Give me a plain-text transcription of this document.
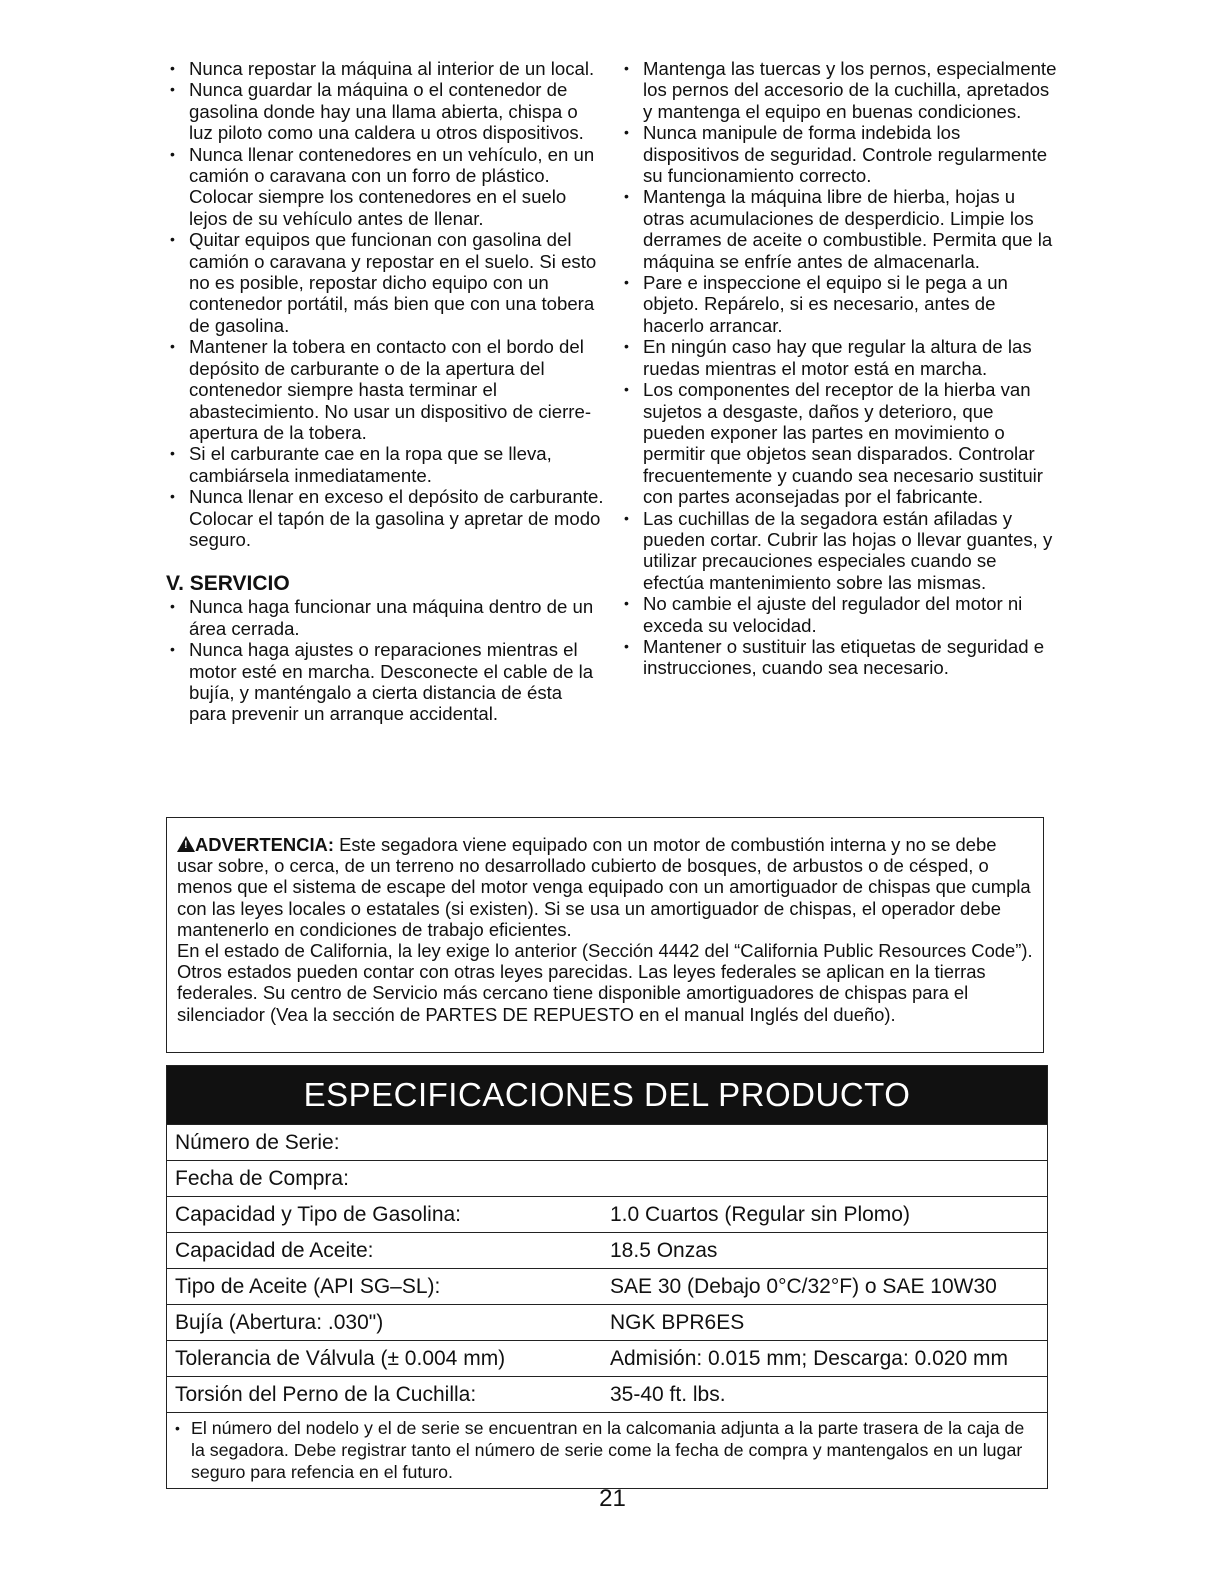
• Nunca repostar la máquina al interior de un local.
• Nunca guardar la máquina o el contenedor de gasolina donde hay una llama abierta, chispa o luz piloto como una caldera u otros dispositivos.
• Nunca llenar contenedores en un vehículo, en un camión o caravana con un forro de plástico. Colocar siempre los contenedores en el suelo lejos de su vehículo antes de llenar.
• Quitar equipos que funcionan con gasolina del camión o caravana y repostar en el suelo. Si esto no es posible, repostar dicho equipo con un contenedor portátil, más bien que con una tobera de gasolina.
• Mantener la tobera en contacto con el bordo del depósito de carburante o de la apertura del contenedor siempre hasta terminar el abastecimiento. No usar un dispositivo de cierre-apertura de la tobera.
• Si el carburante cae en la ropa que se lleva, cambiársela inmediatamente.
• Nunca llenar en exceso el depósito de carburante. Colocar el tapón de la gasolina y apretar de modo seguro.
V. SERVICIO
• Nunca haga funcionar una máquina dentro de un área cerrada.
• Nunca haga ajustes o reparaciones mientras el motor esté en marcha. Desconecte el cable de la bujía, y manténgalo a cierta distancia de ésta para prevenir un arranque accidental.
• Mantenga las tuercas y los pernos, especialmente los pernos del accesorio de la cuchilla, apretados y mantenga el equipo en buenas condiciones.
• Nunca manipule de forma indebida los dispositivos de seguridad. Controle regularmente su funcionamiento correcto.
• Mantenga la máquina libre de hierba, hojas u otras acumulaciones de desperdicio. Limpie los derrames de aceite o combustible. Permita que la máquina se enfríe antes de almacenarla.
• Pare e inspeccione el equipo si le pega a un objeto. Repárelo, si es necesario, antes de hacerlo arrancar.
• En ningún caso hay que regular la altura de las ruedas mientras el motor está en marcha.
• Los componentes del receptor de la hierba van sujetos a desgaste, daños y deterioro, que pueden exponer las partes en movimiento o permitir que objetos sean disparados. Controlar frecuentemente y cuando sea necesario sustituir con partes aconsejadas por el fabricante.
• Las cuchillas de la segadora están afiladas y pueden cortar. Cubrir las hojas o llevar guantes, y utilizar precauciones especiales cuando se efectúa mantenimiento sobre las mismas.
• No cambie el ajuste del regulador del motor ni exceda su velocidad.
• Mantener o sustituir las etiquetas de seguridad e instrucciones, cuando sea necesario.

!ADVERTENCIA: Este segadora viene equipado con un motor de combustión interna y no se debe usar sobre, o cerca, de un terreno no desarrollado cubierto de bosques, de arbustos o de césped, o menos que el sistema de escape del motor venga equipado con un amortiguador de chispas que cumpla con las leyes locales o estatales (si existen). Si se usa un amortiguador de chispas, el operador debe mantenerlo en condiciones de trabajo eficientes.

En el estado de California, la ley exige lo anterior (Sección 4442 del “California Public Resources Code”). Otros estados pueden contar con otras leyes parecidas. Las leyes federales se aplican en la tierras federales. Su centro de Servicio más cercano tiene disponible amortiguadores de chispas para el silenciador (Vea la sección de PARTES DE REPUESTO en el manual Inglés del dueño).

ESPECIFICACIONES DEL PRODUCTO
Número de Serie:
Fecha de Compra:
Capacidad y Tipo de Gasolina:	1.0 Cuartos (Regular sin Plomo)
Capacidad de Aceite:	18.5 Onzas
Tipo de Aceite (API SG–SL):	SAE 30 (Debajo 0°C/32°F) o SAE 10W30
Bujía (Abertura: .030")	NGK BPR6ES
Tolerancia de Válvula (± 0.004 mm)	Admisión: 0.015 mm; Descarga: 0.020 mm
Torsión del Perno de la Cuchilla:	35-40 ft. lbs.
• El número del nodelo y el de serie se encuentran en la calcomania adjunta a la parte trasera de la caja de la segadora. Debe registrar tanto el número de serie come la fecha de compra y mantengalos en un lugar seguro para refencia en el futuro.
21
